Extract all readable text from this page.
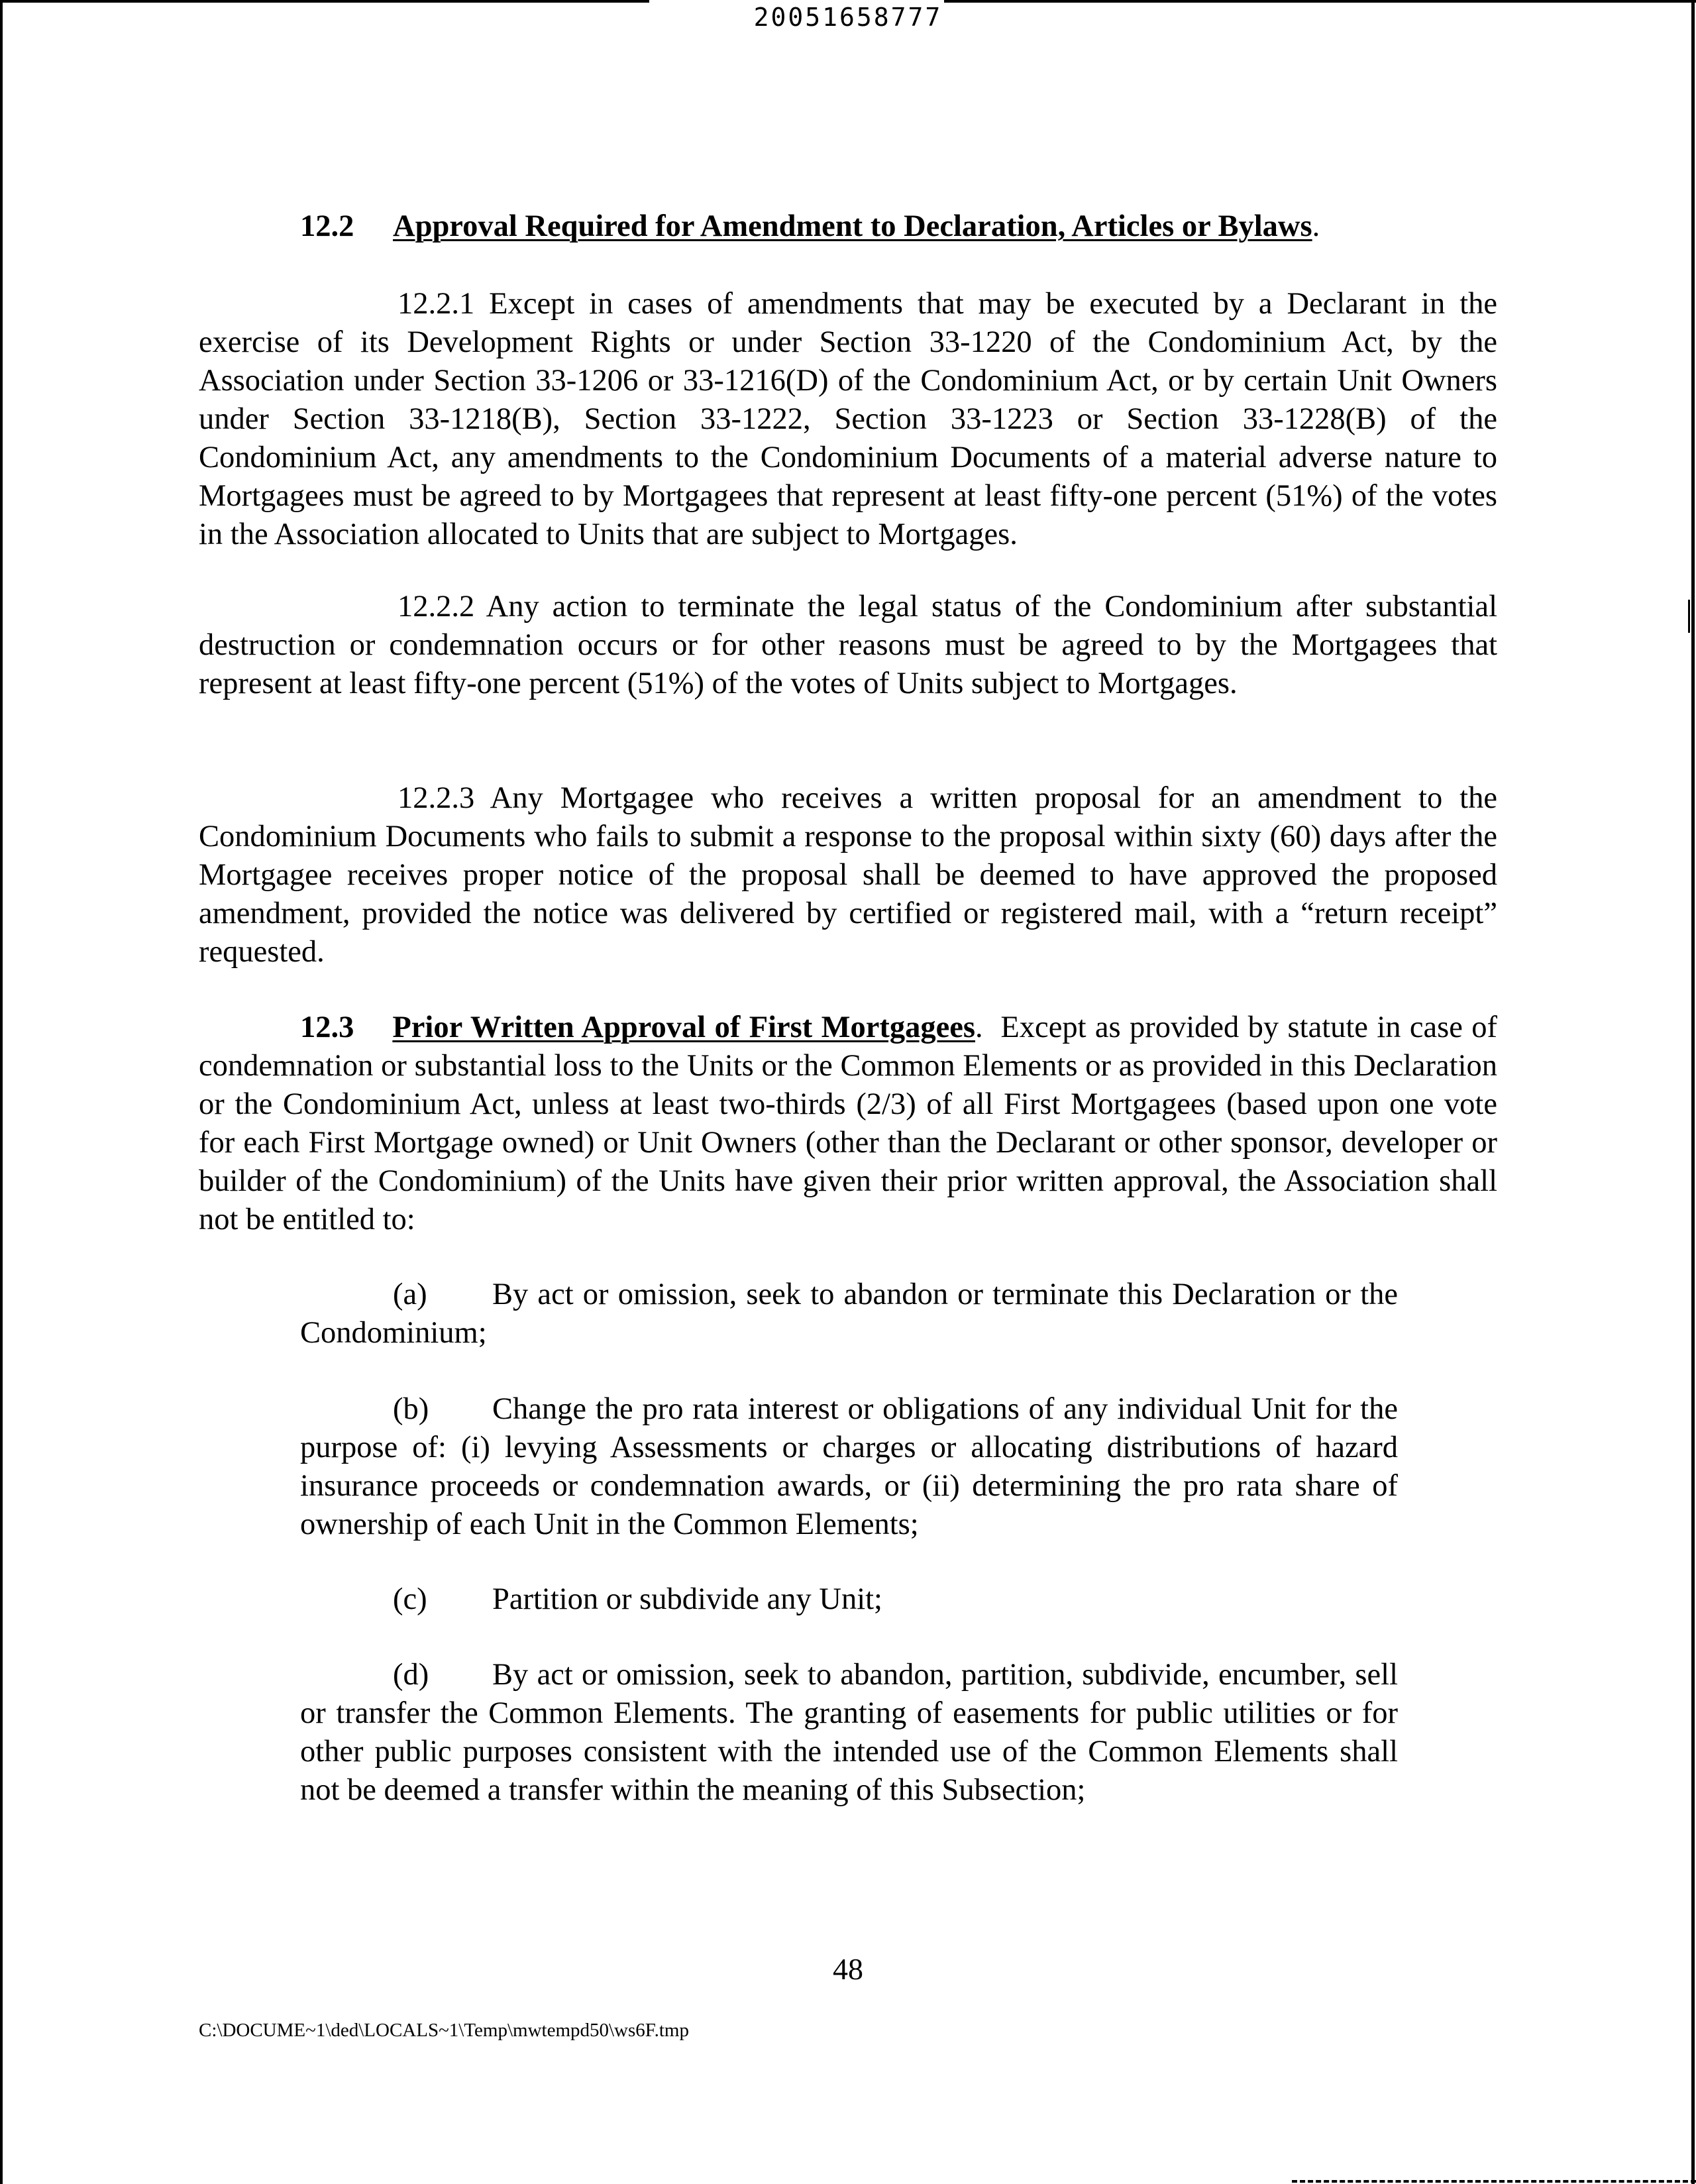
20051658777
12.2 Approval Required for Amendment to Declaration, Articles or Bylaws.
12.2.1 Except in cases of amendments that may be executed by a Declarant in the exercise of its Development Rights or under Section 33-1220 of the Condominium Act, by the Association under Section 33-1206 or 33-1216(D) of the Condominium Act, or by certain Unit Owners under Section 33-1218(B), Section 33-1222, Section 33-1223 or Section 33-1228(B) of the Condominium Act, any amendments to the Condominium Documents of a material adverse nature to Mortgagees must be agreed to by Mortgagees that represent at least fifty-one percent (51%) of the votes in the Association allocated to Units that are subject to Mortgages.
12.2.2 Any action to terminate the legal status of the Condominium after substantial destruction or condemnation occurs or for other reasons must be agreed to by the Mortgagees that represent at least fifty-one percent (51%) of the votes of Units subject to Mortgages.
12.2.3 Any Mortgagee who receives a written proposal for an amendment to the Condominium Documents who fails to submit a response to the proposal within sixty (60) days after the Mortgagee receives proper notice of the proposal shall be deemed to have approved the proposed amendment, provided the notice was delivered by certified or registered mail, with a “return receipt” requested.
12.3 Prior Written Approval of First Mortgagees. Except as provided by statute in case of condemnation or substantial loss to the Units or the Common Elements or as provided in this Declaration or the Condominium Act, unless at least two-thirds (2/3) of all First Mortgagees (based upon one vote for each First Mortgage owned) or Unit Owners (other than the Declarant or other sponsor, developer or builder of the Condominium) of the Units have given their prior written approval, the Association shall not be entitled to:
(a) By act or omission, seek to abandon or terminate this Declaration or the Condominium;
(b) Change the pro rata interest or obligations of any individual Unit for the purpose of: (i) levying Assessments or charges or allocating distributions of hazard insurance proceeds or condemnation awards, or (ii) determining the pro rata share of ownership of each Unit in the Common Elements;
(c) Partition or subdivide any Unit;
(d) By act or omission, seek to abandon, partition, subdivide, encumber, sell or transfer the Common Elements. The granting of easements for public utilities or for other public purposes consistent with the intended use of the Common Elements shall not be deemed a transfer within the meaning of this Subsection;
48
C:\DOCUME~1\ded\LOCALS~1\Temp\mwtempd50\ws6F.tmp
